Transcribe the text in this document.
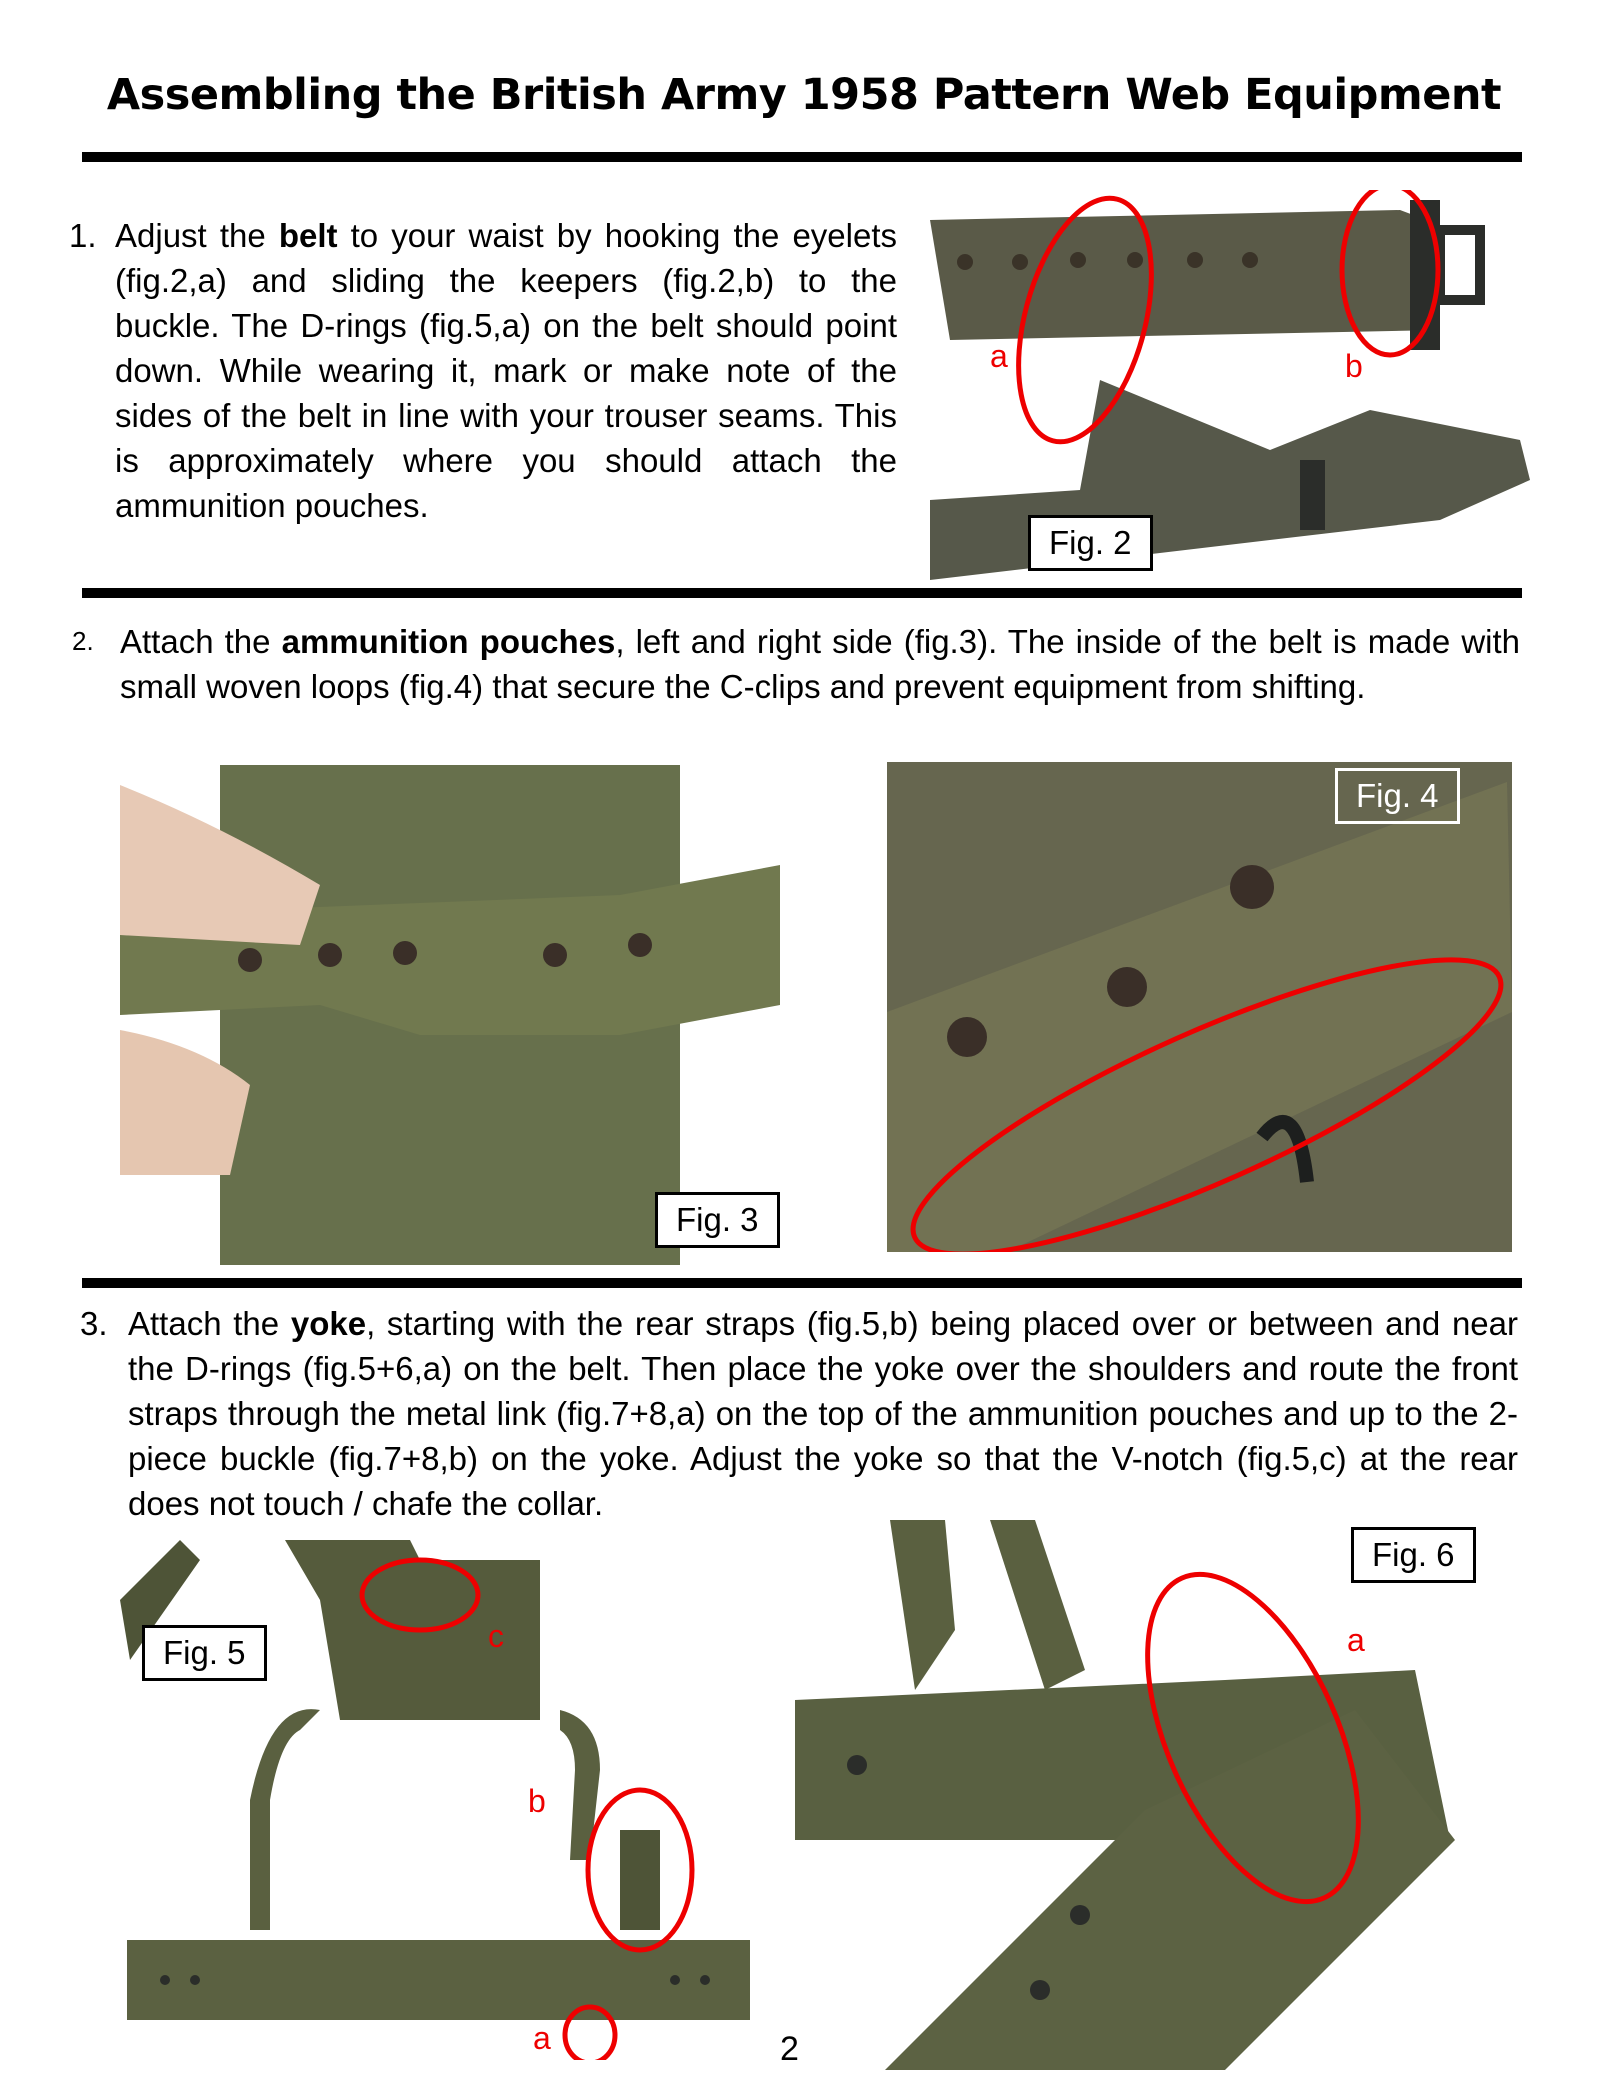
Assembling the British Army 1958 Pattern Web Equipment
1. Adjust the belt to your waist by hooking the eyelets (fig.2,a) and sliding the keepers (fig.2,b) to the buckle. The D-rings (fig.5,a) on the belt should point down. While wearing it, mark or make note of the sides of the belt in line with your trouser seams. This is approximately where you should attach the ammunition pouches.
a	b
Fig. 2
2. Attach the ammunition pouches, left and right side (fig.3). The inside of the belt is made with small woven loops (fig.4) that secure the C-clips and prevent equipment from shifting.
Fig. 3
Fig. 4
3. Attach the yoke, starting with the rear straps (fig.5,b) being placed over or between and near the D-rings (fig.5+6,a) on the belt. Then place the yoke over the shoulders and route the front straps through the metal link (fig.7+8,a) on the top of the ammunition pouches and up to the 2-piece buckle (fig.7+8,b) on the yoke. Adjust the yoke so that the V-notch (fig.5,c) at the rear does not touch / chafe the collar.
c
b
a
Fig. 5	a
Fig. 6
2
